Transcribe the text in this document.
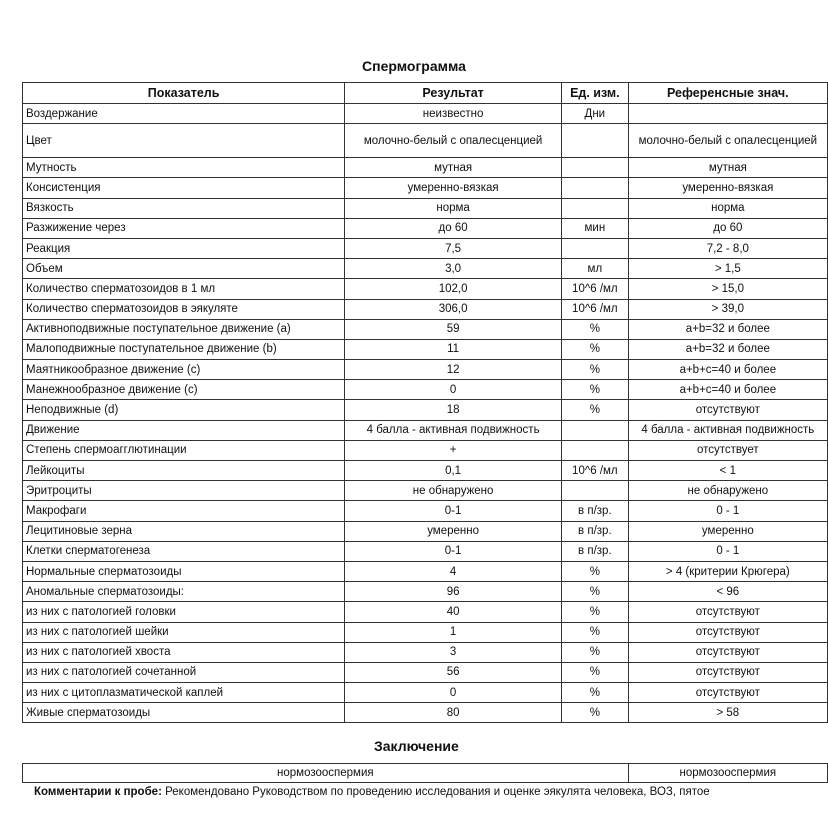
Спермограмма
Показатель	Результат	Ед. изм.	Референсные знач.
Воздержание	неизвестно	Дни	
Цвет	молочно-белый с опалесценцией		молочно-белый с опалесценцией
Мутность	мутная		мутная
Консистенция	умеренно-вязкая		умеренно-вязкая
Вязкость	норма		норма
Разжижение через	до 60	мин	до 60
Реакция	7,5		7,2 - 8,0
Объем	3,0	мл	> 1,5
Количество сперматозоидов в 1 мл	102,0	10^6 /мл	> 15,0
Количество сперматозоидов в эякуляте	306,0	10^6 /мл	> 39,0
Активноподвижные поступательное движение (a)	59	%	a+b=32 и более
Малоподвижные поступательное движение (b)	11	%	a+b=32 и более
Маятникообразное движение (c)	12	%	a+b+c=40 и более
Манежнообразное движение (c)	0	%	a+b+c=40 и более
Неподвижные (d)	18	%	отсутствуют
Движение	4 балла - активная подвижность		4 балла - активная подвижность
Степень спермоагглютинации	+		отсутствует
Лейкоциты	0,1	10^6 /мл	< 1
Эритроциты	не обнаружено		не обнаружено
Макрофаги	0-1	в п/зр.	0 - 1
Лецитиновые зерна	умеренно	в п/зр.	умеренно
Клетки сперматогенеза	0-1	в п/зр.	0 - 1
Нормальные сперматозоиды	4	%	> 4 (критерии Крюгера)
Аномальные сперматозоиды:	96	%	< 96
из них с патологией головки	40	%	отсутствуют
из них с патологией шейки	1	%	отсутствуют
из них с патологией хвоста	3	%	отсутствуют
из них с патологией сочетанной	56	%	отсутствуют
из них с цитоплазматической каплей	0	%	отсутствуют
Живые сперматозоиды	80	%	> 58
Заключение
нормозооспермия	нормозооспермия
Комментарии к пробе: Рекомендовано Руководством по проведению исследования и оценке эякулята человека, ВОЗ, пятое
